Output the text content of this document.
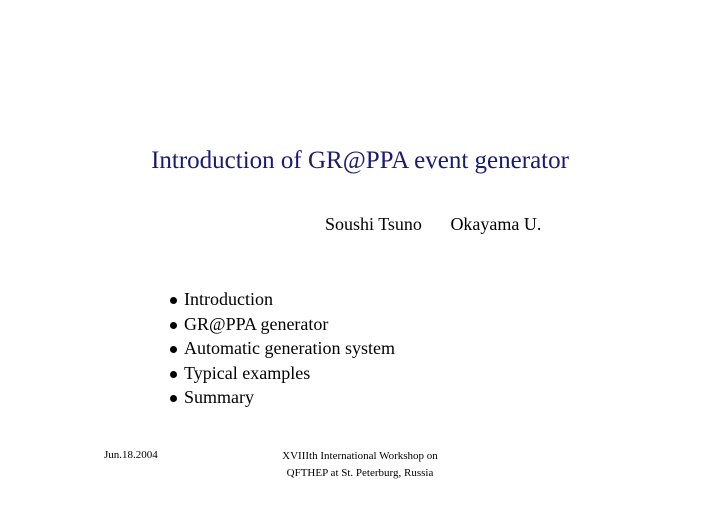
Introduction of GR@PPA event generator
Soushi Tsuno Okayama U.
Introduction
GR@PPA generator
Automatic generation system
Typical examples
Summary
Jun.18.2004	XVIIIth International Workshop on
QFTHEP at St. Peterburg, Russia
